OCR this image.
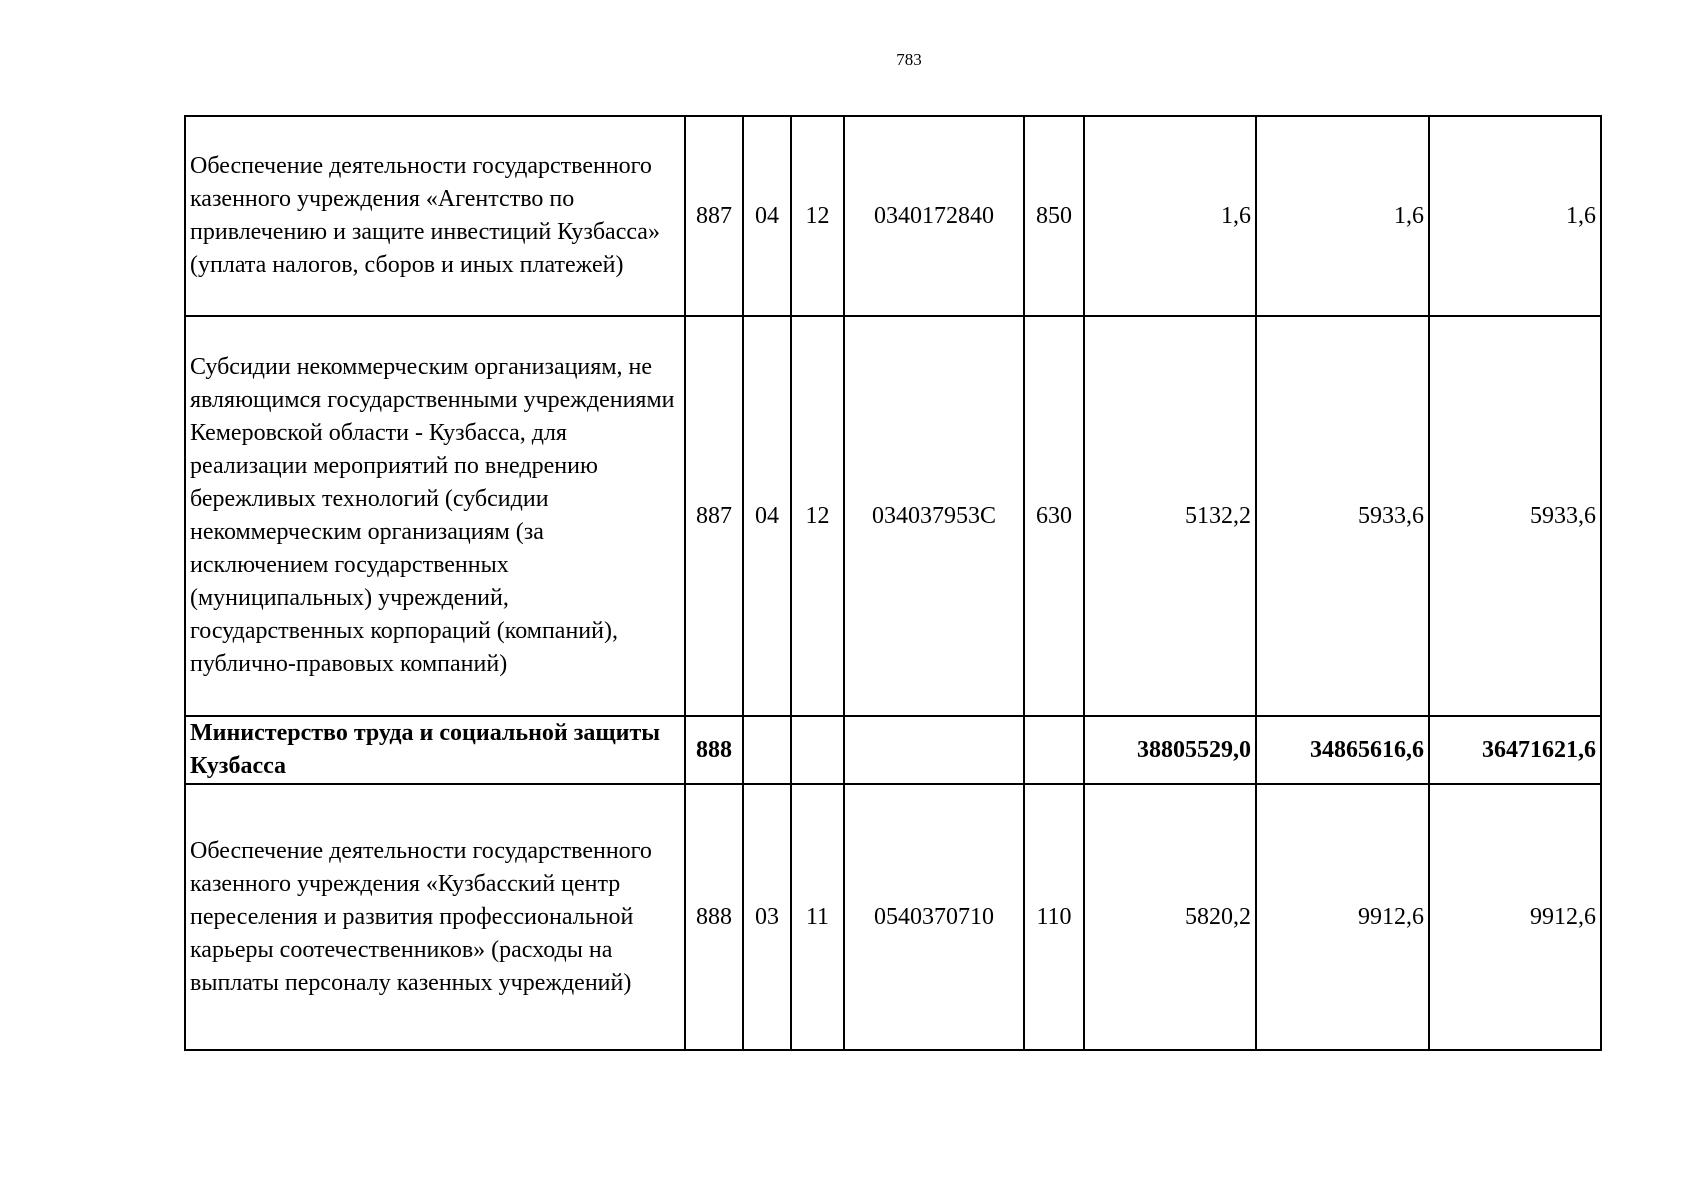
783
Обеспечение деятельности государственного казенного учреждения «Агентство по привлечению и защите инвестиций Кузбасса» (уплата налогов, сборов и иных платежей)	887	04	12	0340172840	850	1,6	1,6	1,6
Субсидии некоммерческим организациям, не являющимся государственными учреждениями Кемеровской области - Кузбасса, для реализации мероприятий по внедрению бережливых технологий (субсидии некоммерческим организациям (за исключением государственных (муниципальных) учреждений, государственных корпораций (компаний), публично-правовых компаний)	887	04	12	034037953C	630	5132,2	5933,6	5933,6
Министерство труда и социальной защиты Кузбасса	888					38805529,0	34865616,6	36471621,6
Обеспечение деятельности государственного казенного учреждения «Кузбасский центр переселения и развития профессиональной карьеры соотечественников» (расходы на выплаты персоналу казенных учреждений)	888	03	11	0540370710	110	5820,2	9912,6	9912,6
